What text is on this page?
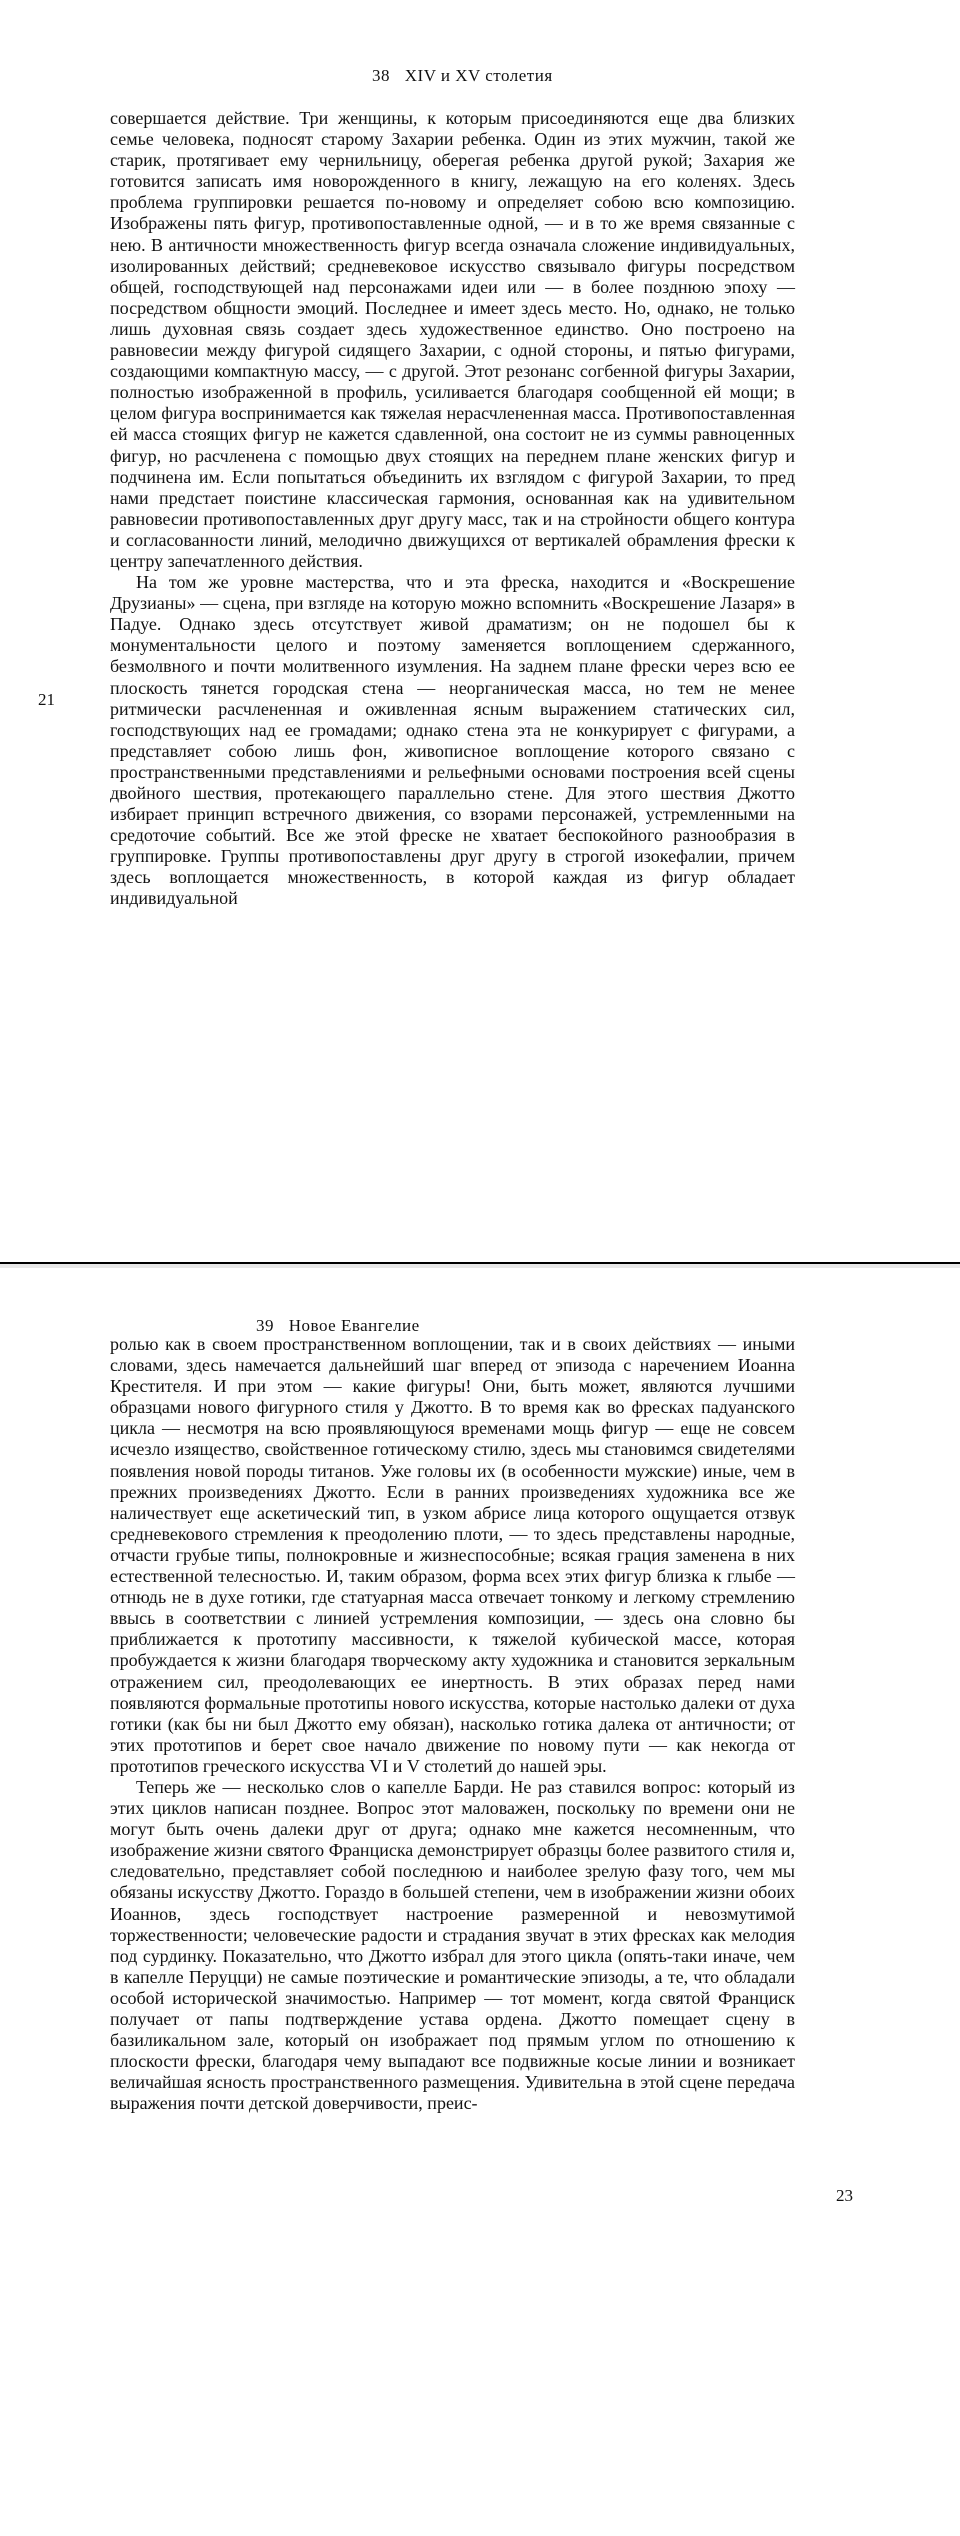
38 XIV и XV столетия
21

совершается действие. Три женщины, к которым присоединяются еще два близких семье человека, подносят старому Захарии ребенка. Один из этих мужчин, такой же старик, протягивает ему чернильницу, оберегая ребенка другой рукой; Захария же готовится записать имя новорожденного в книгу, лежащую на его коленях. Здесь проблема группировки решается по-новому и определяет собою всю композицию. Изображены пять фигур, противопоставленные одной, — и в то же время связанные с нею. В античности множественность фигур всегда означала сложение индивидуальных, изолированных действий; средневековое искусство связывало фигуры посредством общей, господствующей над персонажами идеи или — в более позднюю эпоху — посредством общности эмоций. Последнее и имеет здесь место. Но, однако, не только лишь духовная связь создает здесь художественное единство. Оно построено на равновесии между фигурой сидящего Захарии, с одной стороны, и пятью фигурами, создающими компактную массу, — с другой. Этот резонанс согбенной фигуры Захарии, полностью изображенной в профиль, усиливается благодаря сообщенной ей мощи; в целом фигура воспринимается как тяжелая нерасчлененная масса. Противопоставленная ей масса стоящих фигур не кажется сдавленной, она состоит не из суммы равноценных фигур, но расчленена с помощью двух стоящих на переднем плане женских фигур и подчинена им. Если попытаться объединить их взглядом с фигурой Захарии, то пред нами предстает поистине классическая гармония, основанная как на удивительном равновесии противопоставленных друг другу масс, так и на стройности общего контура и согласованности линий, мелодично движущихся от вертикалей обрамления фрески к центру запечатленного действия.

На том же уровне мастерства, что и эта фреска, находится и «Воскрешение Друзианы» — сцена, при взгляде на которую можно вспомнить «Воскрешение Лазаря» в Падуе. Однако здесь отсутствует живой драматизм; он не подошел бы к монументальности целого и поэтому заменяется воплощением сдержанного, безмолвного и почти молитвенного изумления. На заднем плане фрески через всю ее плоскость тянется городская стена — неорганическая масса, но тем не менее ритмически расчлененная и оживленная ясным выражением статических сил, господствующих над ее громадами; однако стена эта не конкурирует с фигурами, а представляет собою лишь фон, живописное воплощение которого связано с пространственными представлениями и рельефными основами построения всей сцены двойного шествия, протекающего параллельно стене. Для этого шествия Джотто избирает принцип встречного движения, со взорами персонажей, устремленными на средоточие событий. Все же этой фреске не хватает беспокойного разнообразия в группировке. Группы противопоставлены друг другу в строгой изокефалии, причем здесь воплощается множественность, в которой каждая из фигур обладает индивидуальной

39 Новое Евангелие
23

ролью как в своем пространственном воплощении, так и в своих действиях — иными словами, здесь намечается дальнейший шаг вперед от эпизода с наречением Иоанна Крестителя. И при этом — какие фигуры! Они, быть может, являются лучшими образцами нового фигурного стиля у Джотто. В то время как во фресках падуанского цикла — несмотря на всю проявляющуюся временами мощь фигур — еще не совсем исчезло изящество, свойственное готическому стилю, здесь мы становимся свидетелями появления новой породы титанов. Уже головы их (в особенности мужские) иные, чем в прежних произведениях Джотто. Если в ранних произведениях художника все же наличествует еще аскетический тип, в узком абрисе лица которого ощущается отзвук средневекового стремления к преодолению плоти, — то здесь представлены народные, отчасти грубые типы, полнокровные и жизнеспособные; всякая грация заменена в них естественной телесностью. И, таким образом, форма всех этих фигур близка к глыбе — отнюдь не в духе готики, где статуарная масса отвечает тонкому и легкому стремлению ввысь в соответствии с линией устремления композиции, — здесь она словно бы приближается к прототипу массивности, к тяжелой кубической массе, которая пробуждается к жизни благодаря творческому акту художника и становится зеркальным отражением сил, преодолевающих ее инертность. В этих образах перед нами появляются формальные прототипы нового искусства, которые настолько далеки от духа готики (как бы ни был Джотто ему обязан), насколько готика далека от античности; от этих прототипов и берет свое начало движение по новому пути — как некогда от прототипов греческого искусства VI и V столетий до нашей эры.

Теперь же — несколько слов о капелле Барди. Не раз ставился вопрос: который из этих циклов написан позднее. Вопрос этот маловажен, поскольку по времени они не могут быть очень далеки друг от друга; однако мне кажется несомненным, что изображение жизни святого Франциска демонстрирует образцы более развитого стиля и, следовательно, представляет собой последнюю и наиболее зрелую фазу того, чем мы обязаны искусству Джотто. Гораздо в большей степени, чем в изображении жизни обоих Иоаннов, здесь господствует настроение размеренной и невозмутимой торжественности; человеческие радости и страдания звучат в этих фресках как мелодия под сурдинку. Показательно, что Джотто избрал для этого цикла (опять-таки иначе, чем в капелле Перуцци) не самые поэтические и романтические эпизоды, а те, что обладали особой исторической значимостью. Например — тот момент, когда святой Франциск получает от папы подтверждение устава ордена. Джотто помещает сцену в базиликальном зале, который он изображает под прямым углом по отношению к плоскости фрески, благодаря чему выпадают все подвижные косые линии и возникает величайшая ясность пространственного размещения. Удивительна в этой сцене передача выражения почти детской доверчивости, преис-
